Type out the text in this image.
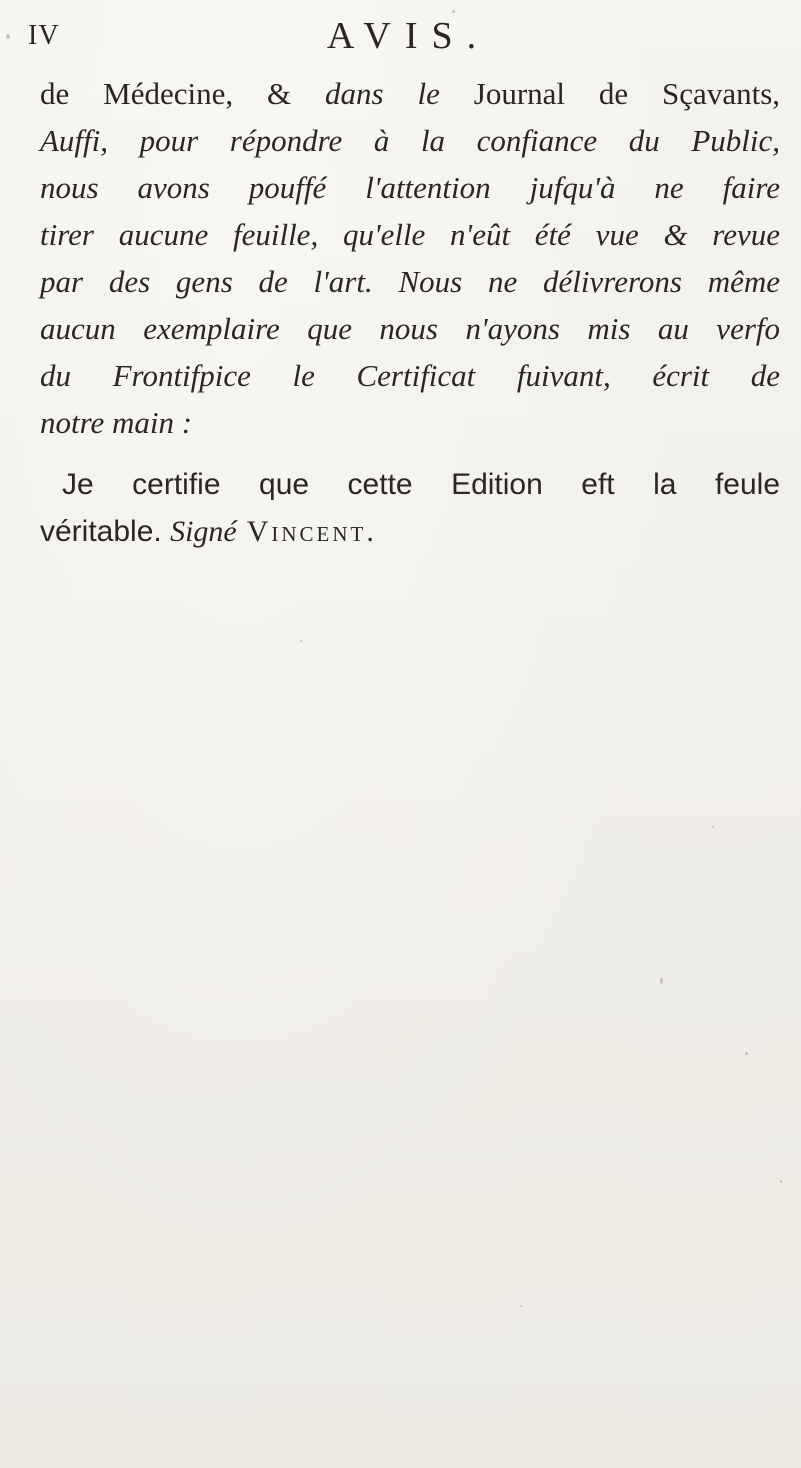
IV	AVIS.
de Médecine, & dans le Journal de Sçavants,
Auffi, pour répondre à la confiance du Public,
nous avons pouffé l'attention jufqu'à ne faire
tirer aucune feuille, qu'elle n'eût été vue & revue
par des gens de l'art. Nous ne délivrerons même
aucun exemplaire que nous n'ayons mis au verfo
du Frontifpice le Certificat fuivant, écrit de
notre main :
Je certifie que cette Edition eft la feule
véritable. Signé Vincent.
